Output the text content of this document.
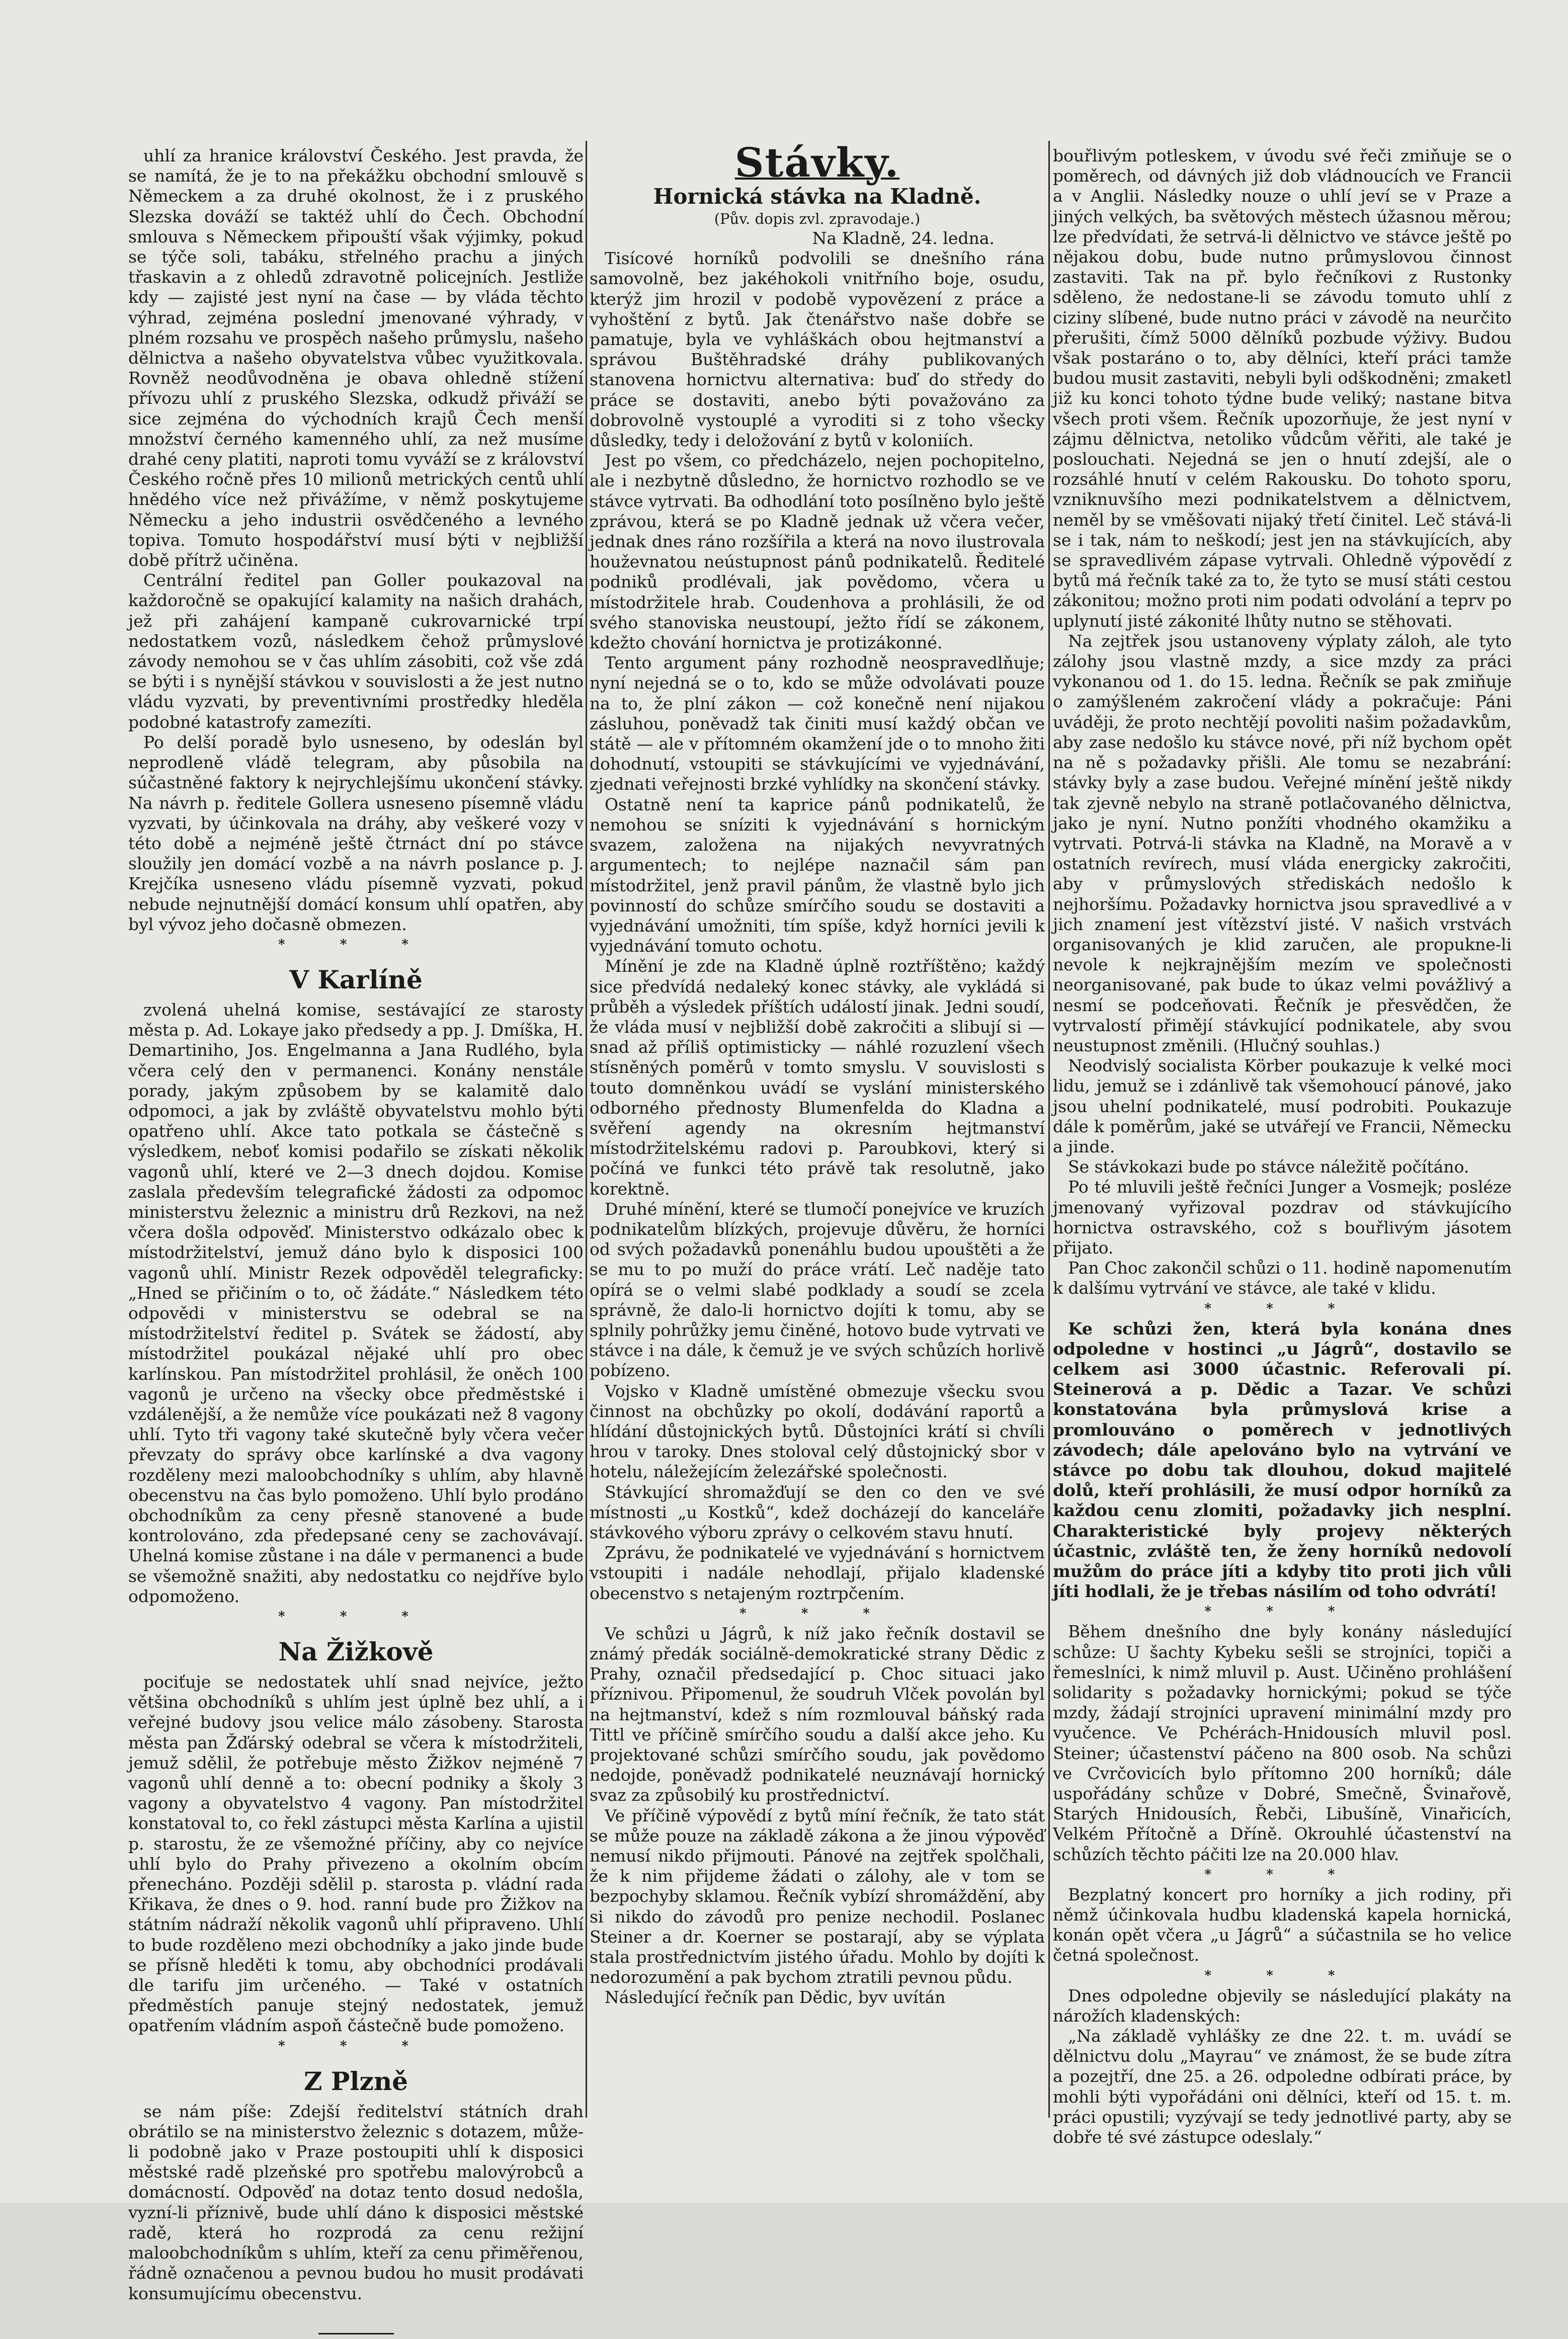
uhlí za hranice království Českého. Jest pravda, že se namítá, že je to na překážku obchodní smlouvě s Německem a za druhé okolnost, že i z pruského Slezska dováží se taktéž uhlí do Čech. Obchodní smlouva s Německem připouští však výjimky, pokud se týče soli, tabáku, střelného prachu a jiných třaskavin a z ohledů zdravotně policejních. Jestliže kdy — zajisté jest nyní na čase — by vláda těchto výhrad, zejména poslední jmenované výhrady, v plném rozsahu ve prospěch našeho průmyslu, našeho dělnictva a našeho obyvatelstva vůbec využitkovala. Rovněž neodůvodněna je obava ohledně stížení přívozu uhlí z pruského Slezska, odkudž přiváží se sice zejména do východních krajů Čech menší množství černého kamenného uhlí, za než musíme drahé ceny platiti, naproti tomu vyváží se z království Českého ročně přes 10 milionů metrických centů uhlí hnědého více než přivážíme, v němž poskytujeme Německu a jeho industrii osvědčeného a levného topiva. Tomuto hospodářství musí býti v nejbližší době přítrž učiněna.

Centrální ředitel pan Goller poukazoval na každoročně se opakující kalamity na našich drahách, jež při zahájení kampaně cukrovarnické trpí nedostatkem vozů, následkem čehož průmyslové závody nemohou se v čas uhlím zásobiti, což vše zdá se býti i s nynější stávkou v souvislosti a že jest nutno vládu vyzvati, by preventivními prostředky hleděla podobné katastrofy zamezíti.

Po delší poradě bylo usneseno, by odeslán byl neprodleně vládě telegram, aby působila na súčastněné faktory k nejrychlejšímu ukončení stávky. Na návrh p. ředitele Gollera usneseno písemně vládu vyzvati, by účinkovala na dráhy, aby veškeré vozy v této době a nejméně ještě čtrnáct dní po stávce sloužily jen domácí vozbě a na návrh poslance p. J. Krejčíka usneseno vládu písemně vyzvati, pokud nebude nejnutnější domácí konsum uhlí opatřen, aby byl vývoz jeho dočasně obmezen.

* * *
V Karlíně

zvolená uhelná komise, sestávající ze starosty města p. Ad. Lokaye jako předsedy a pp. J. Dmíška, H. Demartiniho, Jos. Engelmanna a Jana Rudlého, byla včera celý den v permanenci. Konány nenstále porady, jakým způsobem by se kalamitě dalo odpomoci, a jak by zvláště obyvatelstvu mohlo býti opatřeno uhlí. Akce tato potkala se částečně s výsledkem, neboť komisi podařilo se získati několik vagonů uhlí, které ve 2—3 dnech dojdou. Komise zaslala především telegrafické žádosti za odpomoc ministerstvu železnic a ministru drů Rezkovi, na než včera došla odpověď. Ministerstvo odkázalo obec k místodržitelství, jemuž dáno bylo k disposici 100 vagonů uhlí. Ministr Rezek odpověděl telegraficky: „Hned se přičiním o to, oč žádáte.“ Následkem této odpovědi v ministerstvu se odebral se na místodržitelství ředitel p. Svátek se žádostí, aby místodržitel poukázal nějaké uhlí pro obec karlínskou. Pan místodržitel prohlásil, že oněch 100 vagonů je určeno na všecky obce předměstské i vzdálenější, a že nemůže více poukázati než 8 vagony uhlí. Tyto tři vagony také skutečně byly včera večer převzaty do správy obce karlínské a dva vagony rozděleny mezi maloobchodníky s uhlím, aby hlavně obecenstvu na čas bylo pomoženo. Uhlí bylo prodáno obchodníkům za ceny přesně stanovené a bude kontrolováno, zda předepsané ceny se zachovávají. Uhelná komise zůstane i na dále v permanenci a bude se všemožně snažiti, aby nedostatku co nejdříve bylo odpomoženo.

* * *
Na Žižkově

pociťuje se nedostatek uhlí snad nejvíce, ježto většina obchodníků s uhlím jest úplně bez uhlí, a i veřejné budovy jsou velice málo zásobeny. Starosta města pan Žďárský odebral se včera k místodržiteli, jemuž sdělil, že potřebuje město Žižkov nejméně 7 vagonů uhlí denně a to: obecní podniky a školy 3 vagony a obyvatelstvo 4 vagony. Pan místodržitel konstatoval to, co řekl zástupci města Karlína a ujistil p. starostu, že ze všemožné příčiny, aby co nejvíce uhlí bylo do Prahy přivezeno a okolním obcím přenecháno. Později sdělil p. starosta p. vládní rada Křikava, že dnes o 9. hod. ranní bude pro Žižkov na státním nádraží několik vagonů uhlí připraveno. Uhlí to bude rozděleno mezi obchodníky a jako jinde bude se přísně hleděti k tomu, aby obchodníci prodávali dle tarifu jim určeného. — Také v ostatních předměstích panuje stejný nedostatek, jemuž opatřením vládním aspoň částečně bude pomoženo.

* * *
Z Plzně

se nám píše: Zdejší ředitelství státních drah obrátilo se na ministerstvo železnic s dotazem, může-li podobně jako v Praze postoupiti uhlí k disposici městské radě plzeňské pro spotřebu malovýrobců a domácností. Odpověď na dotaz tento dosud nedošla, vyzní-li příznivě, bude uhlí dáno k disposici městské radě, která ho rozprodá za cenu režijní maloobchodníkům s uhlím, kteří za cenu přiměřenou, řádně označenou a pevnou budou ho musit prodávati konsumujícímu obecenstvu.

Stávky.
Hornická stávka na Kladně.
(Pův. dopis zvl. zpravodaje.)
Na Kladně, 24. ledna.

Tisícové horníků podvolili se dnešního rána samovolně, bez jakéhokoli vnitřního boje, osudu, kterýž jim hrozil v podobě vypovězení z práce a vyhoštění z bytů. Jak čtenářstvo naše dobře se pamatuje, byla ve vyhláškách obou hejtmanství a správou Buštěhradské dráhy publikovaných stanovena hornictvu alternativa: buď do středy do práce se dostaviti, anebo býti považováno za dobrovolně vystouplé a vyroditi si z toho všecky důsledky, tedy i deložování z bytů v koloniích.

Jest po všem, co předcházelo, nejen pochopitelno, ale i nezbytně důsledno, že hornictvo rozhodlo se ve stávce vytrvati. Ba odhodlání toto posílněno bylo ještě zprávou, která se po Kladně jednak už včera večer, jednak dnes ráno rozšířila a která na novo ilustrovala houževnatou neústupnost pánů podnikatelů. Ředitelé podniků prodlévali, jak povědomo, včera u místodržitele hrab. Coudenhova a prohlásili, že od svého stanoviska neustoupí, ježto řídí se zákonem, kdežto chování hornictva je protizákonné.

Tento argument pány rozhodně neospravedlňuje; nyní nejedná se o to, kdo se může odvolávati pouze na to, že plní zákon — což konečně není nijakou zásluhou, poněvadž tak činiti musí každý občan ve státě — ale v přítomném okamžení jde o to mnoho žiti dohodnutí, vstoupiti se stávkujícími ve vyjednávání, zjednati veřejnosti brzké vyhlídky na skončení stávky.

Ostatně není ta kaprice pánů podnikatelů, že nemohou se sníziti k vyjednávání s hornickým svazem, založena na nijakých nevyvratných argumentech; to nejlépe naznačil sám pan místodržitel, jenž pravil pánům, že vlastně bylo jich povinností do schůze smírčího soudu se dostaviti a vyjednávání umožniti, tím spíše, když horníci jevili k vyjednávání tomuto ochotu.

Mínění je zde na Kladně úplně roztříštěno; každý sice předvídá nedaleký konec stávky, ale vykládá si průběh a výsledek příštích událostí jinak. Jedni soudí, že vláda musí v nejbližší době zakročiti a slibují si — snad až příliš optimisticky — náhlé rozuzlení všech stísněných poměrů v tomto smyslu. V souvislosti s touto domněnkou uvádí se vyslání ministerského odborného přednosty Blumenfelda do Kladna a svěření agendy na okresním hejtmanství místodržitelskému radovi p. Paroubkovi, který si počíná ve funkci této právě tak resolutně, jako korektně.

Druhé mínění, které se tlumočí ponejvíce ve kruzích podnikatelům blízkých, projevuje důvěru, že horníci od svých požadavků ponenáhlu budou upouštěti a že se mu to po muží do práce vrátí. Leč naděje tato opírá se o velmi slabé podklady a soudí se zcela správně, že dalo-li hornictvo dojíti k tomu, aby se splnily pohrůžky jemu činěné, hotovo bude vytrvati ve stávce i na dále, k čemuž je ve svých schůzích horlivě pobízeno.

Vojsko v Kladně umístěné obmezuje všecku svou činnost na obchůzky po okolí, dodávání raportů a hlídání důstojnických bytů. Důstojníci krátí si chvíli hrou v taroky. Dnes stoloval celý důstojnický sbor v hotelu, náležejícím železářské společnosti.

Stávkující shromažďují se den co den ve své místnosti „u Kostků“, kdež docházejí do kanceláře stávkového výboru zprávy o celkovém stavu hnutí.

Zprávu, že podnikatelé ve vyjednávání s hornictvem vstoupiti i nadále nehodlají, přijalo kladenské obecenstvo s netajeným roztrpčením.

* * *

Ve schůzi u Jágrů, k níž jako řečník dostavil se známý předák sociálně-demokratické strany Dědic z Prahy, označil předsedající p. Choc situaci jako příznivou. Připomenul, že soudruh Vlček povolán byl na hejtmanství, kdež s ním rozmlouval báňský rada Tittl ve příčině smírčího soudu a další akce jeho. Ku projektované schůzi smírčího soudu, jak povědomo nedojde, poněvadž podnikatelé neuznávají hornický svaz za způsobilý ku prostřednictví.

Ve příčině výpovědí z bytů míní řečník, že tato stát se může pouze na základě zákona a že jinou výpověď nemusí nikdo přijmouti. Pánové na zejtřek spolčhali, že k nim přijdeme žádati o zálohy, ale v tom se bezpochyby sklamou. Řečník vybízí shromáždění, aby si nikdo do závodů pro penize nechodil. Poslanec Steiner a dr. Koerner se postarají, aby se výplata stala prostřednictvím jistého úřadu. Mohlo by dojíti k nedorozumění a pak bychom ztratili pevnou půdu.

Následující řečník pan Dědic, byv uvítán

bouřlivým potleskem, v úvodu své řeči zmiňuje se o poměrech, od dávných již dob vládnoucích ve Francii a v Anglii. Následky nouze o uhlí jeví se v Praze a jiných velkých, ba světových městech úžasnou měrou; lze předvídati, že setrvá-li dělnictvo ve stávce ještě po nějakou dobu, bude nutno průmyslovou činnost zastaviti. Tak na př. bylo řečníkovi z Rustonky sděleno, že nedostane-li se závodu tomuto uhlí z ciziny slíbené, bude nutno práci v závodě na neurčito přerušiti, čímž 5000 dělníků pozbude výživy. Budou však postaráno o to, aby dělníci, kteří práci tamže budou musit zastaviti, nebyli byli odškodněni; zmaketl již ku konci tohoto týdne bude veliký; nastane bitva všech proti všem. Řečník upozorňuje, že jest nyní v zájmu dělnictva, netoliko vůdcům věřiti, ale také je poslouchati. Nejedná se jen o hnutí zdejší, ale o rozsáhlé hnutí v celém Rakousku. Do tohoto sporu, vzniknuvšího mezi podnikatelstvem a dělnictvem, neměl by se vměšovati nijaký třetí činitel. Leč stává-li se i tak, nám to neškodí; jest jen na stávkujících, aby se spravedlivém zápase vytrvali. Ohledně výpovědí z bytů má řečník také za to, že tyto se musí státi cestou zákonitou; možno proti nim podati odvolání a teprv po uplynutí jisté zákonité lhůty nutno se stěhovati.

Na zejtřek jsou ustanoveny výplaty záloh, ale tyto zálohy jsou vlastně mzdy, a sice mzdy za práci vykonanou od 1. do 15. ledna. Řečník se pak zmiňuje o zamýšleném zakročení vlády a pokračuje: Páni uváději, že proto nechtějí povoliti našim požadavkům, aby zase nedošlo ku stávce nové, při níž bychom opět na ně s požadavky přišli. Ale tomu se nezabrání: stávky byly a zase budou. Veřejné mínění ještě nikdy tak zjevně nebylo na straně potlačovaného dělnictva, jako je nyní. Nutno ponžíti vhodného okamžiku a vytrvati. Potrvá-li stávka na Kladně, na Moravě a v ostatních revírech, musí vláda energicky zakročiti, aby v průmyslových střediskách nedošlo k nejhoršímu. Požadavky hornictva jsou spravedlivé a v jich znamení jest vítězství jisté. V našich vrstvách organisovaných je klid zaručen, ale propukne-li nevole k nejkrajnějším mezím ve společnosti neorganisované, pak bude to úkaz velmi povážlivý a nesmí se podceňovati. Řečník je přesvědčen, že vytrvalostí přimějí stávkující podnikatele, aby svou neustupnost změnili. (Hlučný souhlas.)

Neodvislý socialista Körber poukazuje k velké moci lidu, jemuž se i zdánlivě tak všemohoucí pánové, jako jsou uhelní podnikatelé, musí podrobiti. Poukazuje dále k poměrům, jaké se utvářejí ve Francii, Německu a jinde.

Se stávkokazi bude po stávce náležitě počítáno.

Po té mluvili ještě řečníci Junger a Vosmejk; posléze jmenovaný vyřizoval pozdrav od stávkujícího hornictva ostravského, což s bouřlivým jásotem přijato.

Pan Choc zakončil schůzi o 11. hodině napomenutím k dalšímu vytrvání ve stávce, ale také v klidu.

* * *

Ke schůzi žen, která byla konána dnes odpoledne v hostinci „u Jágrů“, dostavilo se celkem asi 3000 účastnic. Referovali pí. Steinerová a p. Dědic a Tazar. Ve schůzi konstatována byla průmyslová krise a promlouváno o poměrech v jednotlivých závodech; dále apelováno bylo na vytrvání ve stávce po dobu tak dlouhou, dokud majitelé dolů, kteří prohlásili, že musí odpor horníků za každou cenu zlomiti, požadavky jich nesplní. Charakteristické byly projevy některých účastnic, zvláště ten, že ženy horníků nedovolí mužům do práce jíti a kdyby tito proti jich vůli jíti hodlali, že je třebas násilím od toho odvrátí!

* * *

Během dnešního dne byly konány následující schůze: U šachty Kybeku sešli se strojníci, topiči a řemeslníci, k nimž mluvil p. Aust. Učiněno prohlášení solidarity s požadavky hornickými; pokud se týče mzdy, žádají strojníci upravení minimální mzdy pro vyučence. Ve Pchérách-Hnidousích mluvil posl. Steiner; účastenství páčeno na 800 osob. Na schůzi ve Cvrčovicích bylo přítomno 200 horníků; dále uspořádány schůze v Dobré, Smečně, Švinařově, Starých Hnidousích, Řebči, Libušíně, Vinařicích, Velkém Přítočně a Dříně. Okrouhlé účastenství na schůzích těchto páčiti lze na 20.000 hlav.

* * *

Bezplatný koncert pro horníky a jich rodiny, při němž účinkovala hudbu kladenská kapela hornická, konán opět včera „u Jágrů“ a súčastnila se ho velice četná společnost.

* * *

Dnes odpoledne objevily se následující plakáty na nárožích kladenských:

„Na základě vyhlášky ze dne 22. t. m. uvádí se dělnictvu dolu „Mayrau“ ve známost, že se bude zítra a pozejtří, dne 25. a 26. odpoledne odbírati práce, by mohli býti vypořádáni oni dělníci, kteří od 15. t. m. práci opustili; vyzývají se tedy jednotlivé party, aby se dobře té své zástupce odeslaly.“
